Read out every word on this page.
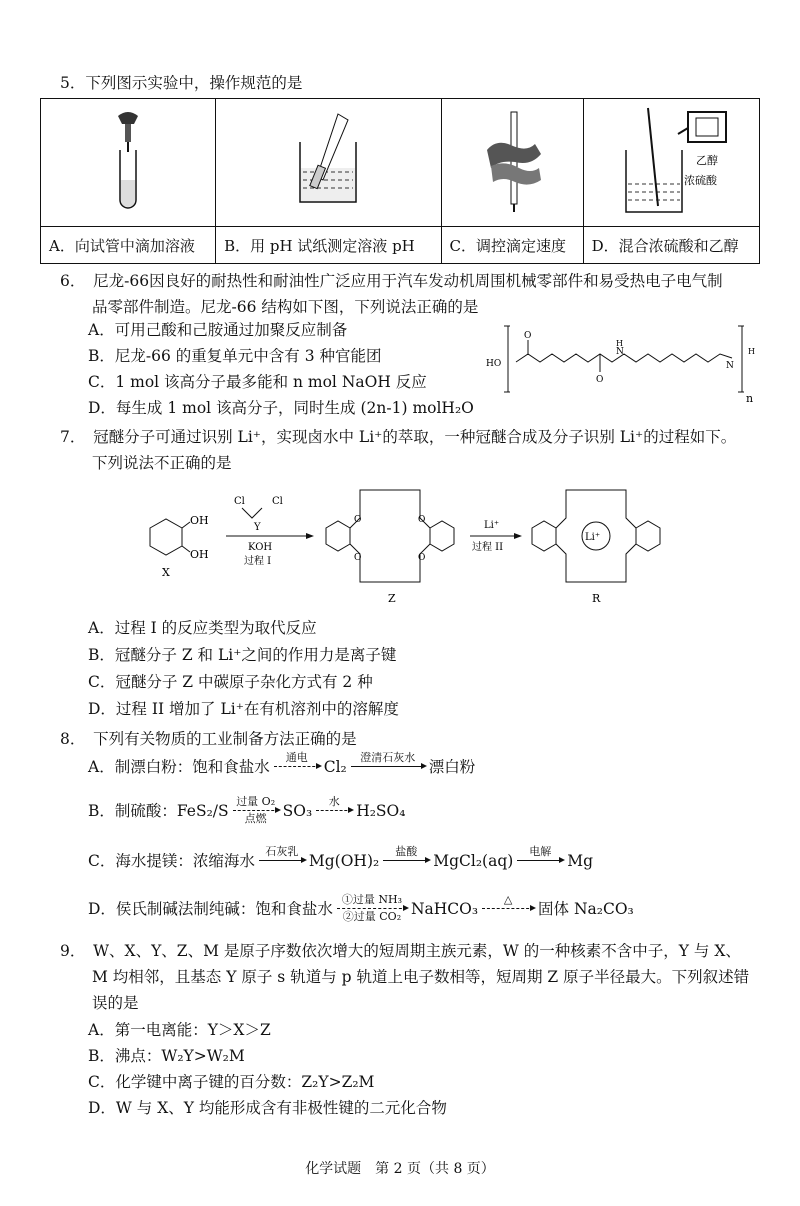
5．下列图示实验中，操作规范的是

乙醇
浓硫酸

A．向试管中滴加溶液	B．用 pH 试纸测定溶液 pH	C．调控滴定速度	D．混合浓硫酸和乙醇

6．　尼龙-66因良好的耐热性和耐油性广泛应用于汽车发动机周围机械零部件和易受热电子电气制

品零部件制造。尼龙-66 结构如下图，下列说法正确的是

A．可用己酸和己胺通过加聚反应制备
B．尼龙-66 的重复单元中含有 3 种官能团
C．1 mol 该高分子最多能和 n mol NaOH 反应
D．每生成 1 mol 该高分子，同时生成 (2n-1) molH₂O
HO
O
O
N
H
N
H
n

7．　冠醚分子可通过识别 Li⁺，实现卤水中 Li⁺的萃取，一种冠醚合成及分子识别 Li⁺的过程如下。

下列说法不正确的是

OH
OH
X
Cl
Y
Cl
KOH
过程 I
O	O
O	O
Z
Li⁺
过程 II
Li⁺
R
A．过程 I 的反应类型为取代反应
B．冠醚分子 Z 和 Li⁺之间的作用力是离子键
C．冠醚分子 Z 中碳原子杂化方式有 2 种
D．过程 II 增加了 Li⁺在有机溶剂中的溶解度

8．　下列有关物质的工业制备方法正确的是

A．制漂白粉：饱和食盐水 通电 Cl₂ 澄清石灰水 漂白粉
B．制硫酸：FeS₂/S 过量 O₂
点燃 SO₃ 水 H₂SO₄
C．海水提镁：浓缩海水 石灰乳 Mg(OH)₂ 盐酸 MgCl₂(aq) 电解 Mg
D．侯氏制碱法制纯碱：饱和食盐水 ①过量 NH₃
②过量 CO₂ NaHCO₃ △ 固体 Na₂CO₃

9．　W、X、Y、Z、M 是原子序数依次增大的短周期主族元素，W 的一种核素不含中子，Y 与 X、

M 均相邻，且基态 Y 原子 s 轨道与 p 轨道上电子数相等，短周期 Z 原子半径最大。下列叙述错

误的是

A．第一电离能：Y＞X＞Z
B．沸点：W₂Y>W₂M
C．化学键中离子键的百分数：Z₂Y>Z₂M
D．W 与 X、Y 均能形成含有非极性键的二元化合物
化学试题　第 2 页（共 8 页）
